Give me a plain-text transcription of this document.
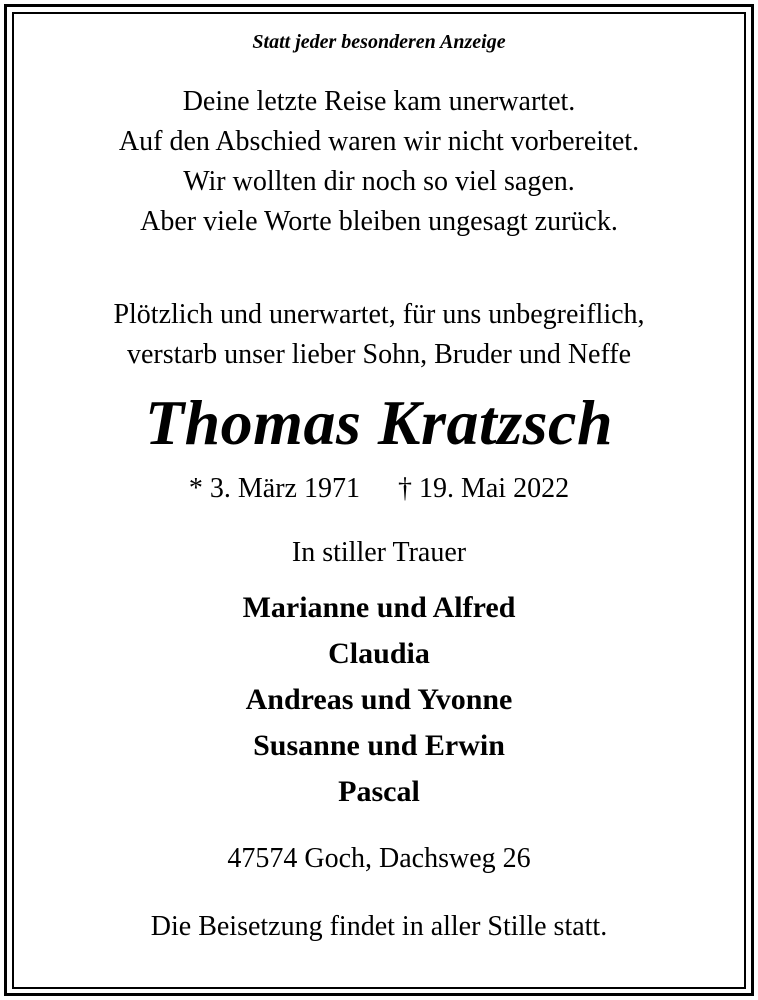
Statt jeder besonderen Anzeige
Deine letzte Reise kam unerwartet.
Auf den Abschied waren wir nicht vorbereitet.
Wir wollten dir noch so viel sagen.
Aber viele Worte bleiben ungesagt zurück.
Plötzlich und unerwartet, für uns unbegreiflich,
verstarb unser lieber Sohn, Bruder und Neffe
Thomas Kratzsch
* 3. März 1971 † 19. Mai 2022
In stiller Trauer
Marianne und Alfred
Claudia
Andreas und Yvonne
Susanne und Erwin
Pascal
47574 Goch, Dachsweg 26
Die Beisetzung findet in aller Stille statt.
